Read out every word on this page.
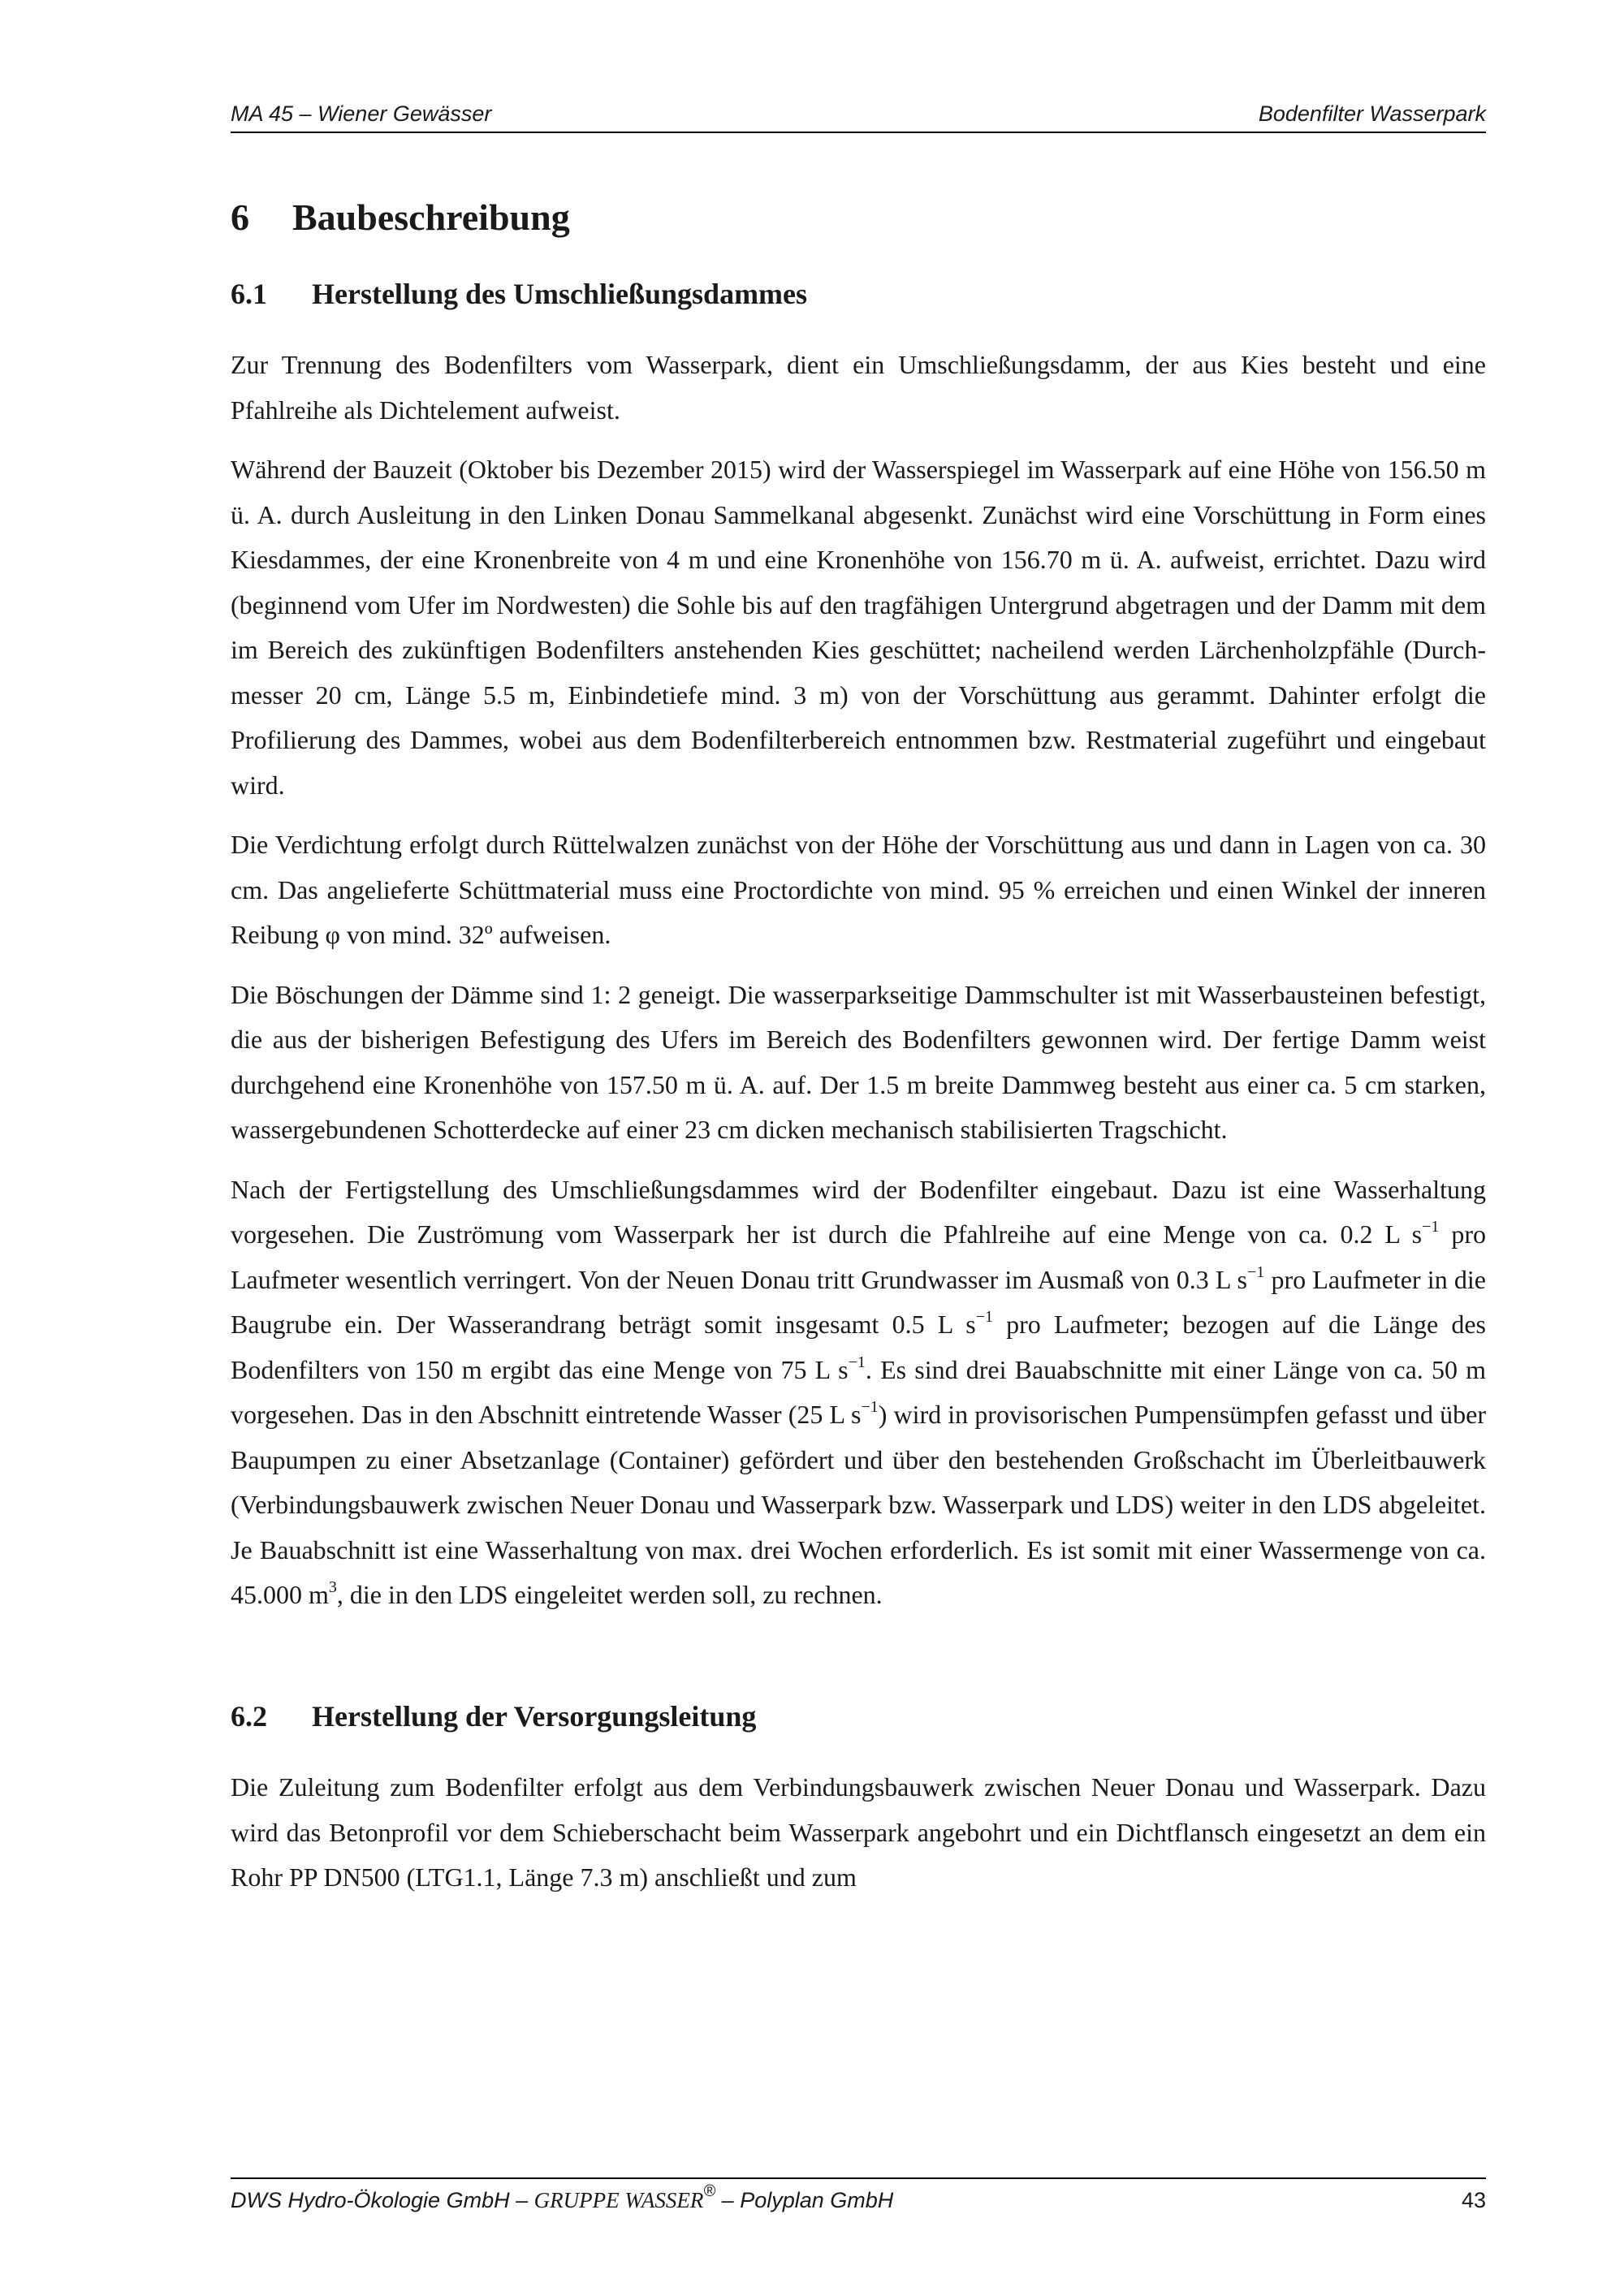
MA 45 – Wiener Gewässer	Bodenfilter Wasserpark
6 Baubeschreibung
6.1 Herstellung des Umschließungsdammes

Zur Trennung des Bodenfilters vom Wasserpark, dient ein Umschließungsdamm, der aus Kies besteht und eine Pfahlreihe als Dichtelement aufweist.

Während der Bauzeit (Oktober bis Dezember 2015) wird der Wasserspiegel im Wasserpark auf eine Höhe von 156.50 m ü. A. durch Ausleitung in den Linken Donau Sammelkanal abgesenkt. Zunächst wird eine Vorschüttung in Form eines Kiesdammes, der eine Kronenbreite von 4 m und eine Kronenhöhe von 156.70 m ü. A. aufweist, errichtet. Dazu wird (beginnend vom Ufer im Nordwesten) die Sohle bis auf den tragfähigen Untergrund abgetragen und der Damm mit dem im Bereich des zukünftigen Bodenfilters anstehenden Kies geschüttet; nacheilend werden Lärchenholzpfähle (Durchmesser 20 cm, Länge 5.5 m, Einbindetiefe mind. 3 m) von der Vorschüttung aus gerammt. Dahinter erfolgt die Profilierung des Dammes, wobei aus dem Bodenfilterbereich entnommen bzw. Restmaterial zugeführt und eingebaut wird.

Die Verdichtung erfolgt durch Rüttelwalzen zunächst von der Höhe der Vorschüttung aus und dann in Lagen von ca. 30 cm. Das angelieferte Schüttmaterial muss eine Proctordichte von mind. 95 % erreichen und einen Winkel der inneren Reibung φ von mind. 32º aufweisen.

Die Böschungen der Dämme sind 1: 2 geneigt. Die wasserparkseitige Dammschulter ist mit Wasserbausteinen befestigt, die aus der bisherigen Befestigung des Ufers im Bereich des Bodenfilters gewonnen wird. Der fertige Damm weist durchgehend eine Kronenhöhe von 157.50 m ü. A. auf. Der 1.5 m breite Dammweg besteht aus einer ca. 5 cm starken, wassergebundenen Schotterdecke auf einer 23 cm dicken mechanisch stabilisierten Tragschicht.

Nach der Fertigstellung des Umschließungsdammes wird der Bodenfilter eingebaut. Dazu ist eine Wasserhaltung vorgesehen. Die Zuströmung vom Wasserpark her ist durch die Pfahlreihe auf eine Menge von ca. 0.2 L $s^{-1}$ pro Laufmeter wesentlich verringert. Von der Neuen Donau tritt Grundwasser im Ausmaß von 0.3 L $s^{-1}$ pro Laufmeter in die Baugrube ein. Der Wasserandrang beträgt somit insgesamt 0.5 L $s^{-1}$ pro Laufmeter; bezogen auf die Länge des Bodenfilters von 150 m ergibt das eine Menge von 75 L $s^{-1}$. Es sind drei Bauabschnitte mit einer Länge von ca. 50 m vorgesehen. Das in den Abschnitt eintretende Wasser (25 L $s^{-1}$) wird in provisorischen Pumpensümpfen gefasst und über Baupumpen zu einer Absetzanlage (Container) gefördert und über den bestehenden Großschacht im Überleitbauwerk (Verbindungsbauwerk zwischen Neuer Donau und Wasserpark bzw. Wasserpark und LDS) weiter in den LDS abgeleitet. Je Bauabschnitt ist eine Wasserhaltung von max. drei Wochen erforderlich. Es ist somit mit einer Wassermenge von ca. 45.000 $m^3$, die in den LDS eingeleitet werden soll, zu rechnen.

6.2 Herstellung der Versorgungsleitung

Die Zuleitung zum Bodenfilter erfolgt aus dem Verbindungsbauwerk zwischen Neuer Donau und Wasserpark. Dazu wird das Betonprofil vor dem Schieberschacht beim Wasserpark angebohrt und ein Dichtflansch eingesetzt an dem ein Rohr PP DN500 (LTG1.1, Länge 7.3 m) anschließt und zum

DWS Hydro-Ökologie GmbH – GRUPPE WASSER® – Polyplan GmbH	43
